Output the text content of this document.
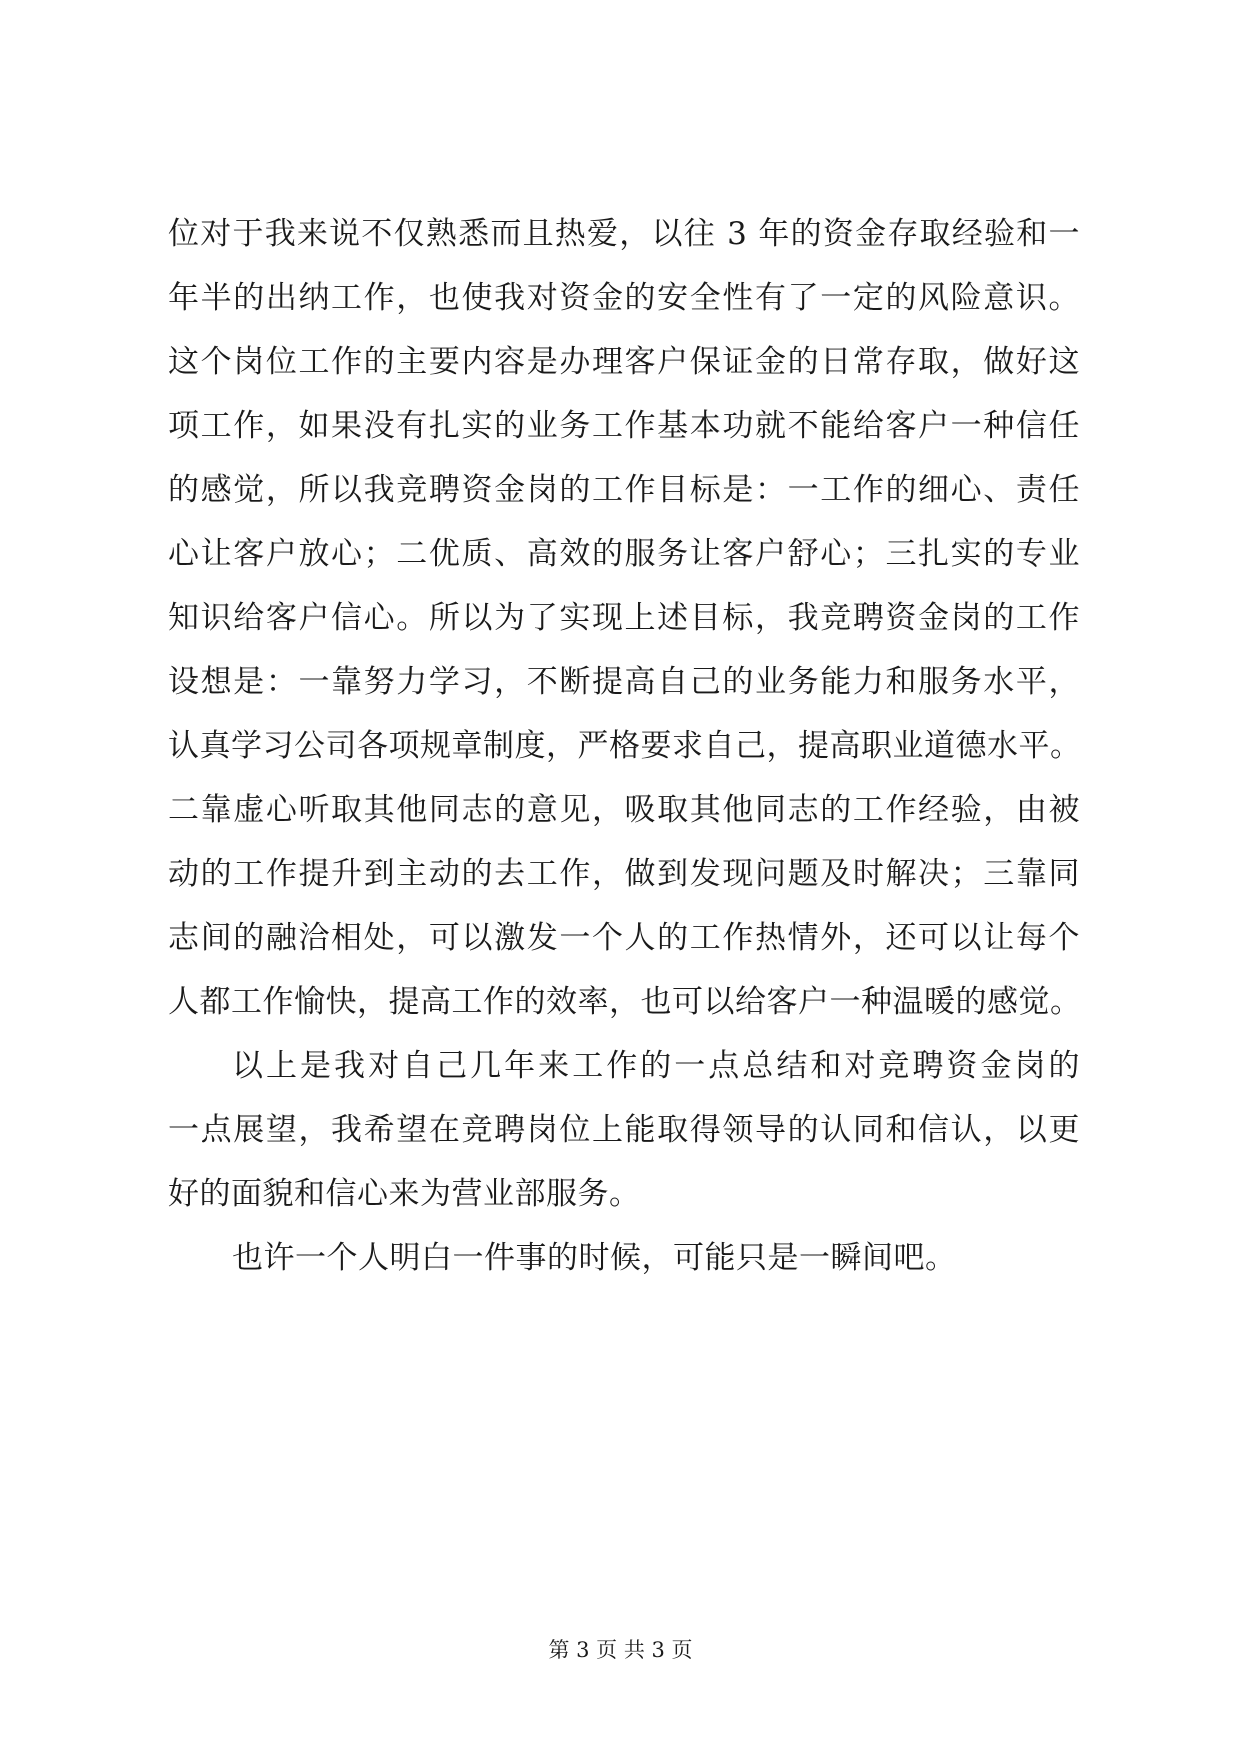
位对于我来说不仅熟悉而且热爱，以往 3 年的资金存取经验和一
年半的出纳工作，也使我对资金的安全性有了一定的风险意识。
这个岗位工作的主要内容是办理客户保证金的日常存取，做好这
项工作，如果没有扎实的业务工作基本功就不能给客户一种信任
的感觉，所以我竞聘资金岗的工作目标是：一工作的细心、责任
心让客户放心；二优质、高效的服务让客户舒心；三扎实的专业
知识给客户信心。所以为了实现上述目标，我竞聘资金岗的工作
设想是：一靠努力学习，不断提高自己的业务能力和服务水平，
认真学习公司各项规章制度，严格要求自己，提高职业道德水平。
二靠虚心听取其他同志的意见，吸取其他同志的工作经验，由被
动的工作提升到主动的去工作，做到发现问题及时解决；三靠同
志间的融洽相处，可以激发一个人的工作热情外，还可以让每个
人都工作愉快，提高工作的效率，也可以给客户一种温暖的感觉。
以上是我对自己几年来工作的一点总结和对竞聘资金岗的
一点展望，我希望在竞聘岗位上能取得领导的认同和信认，以更
好的面貌和信心来为营业部服务。
也许一个人明白一件事的时候，可能只是一瞬间吧。
第 3 页 共 3 页
